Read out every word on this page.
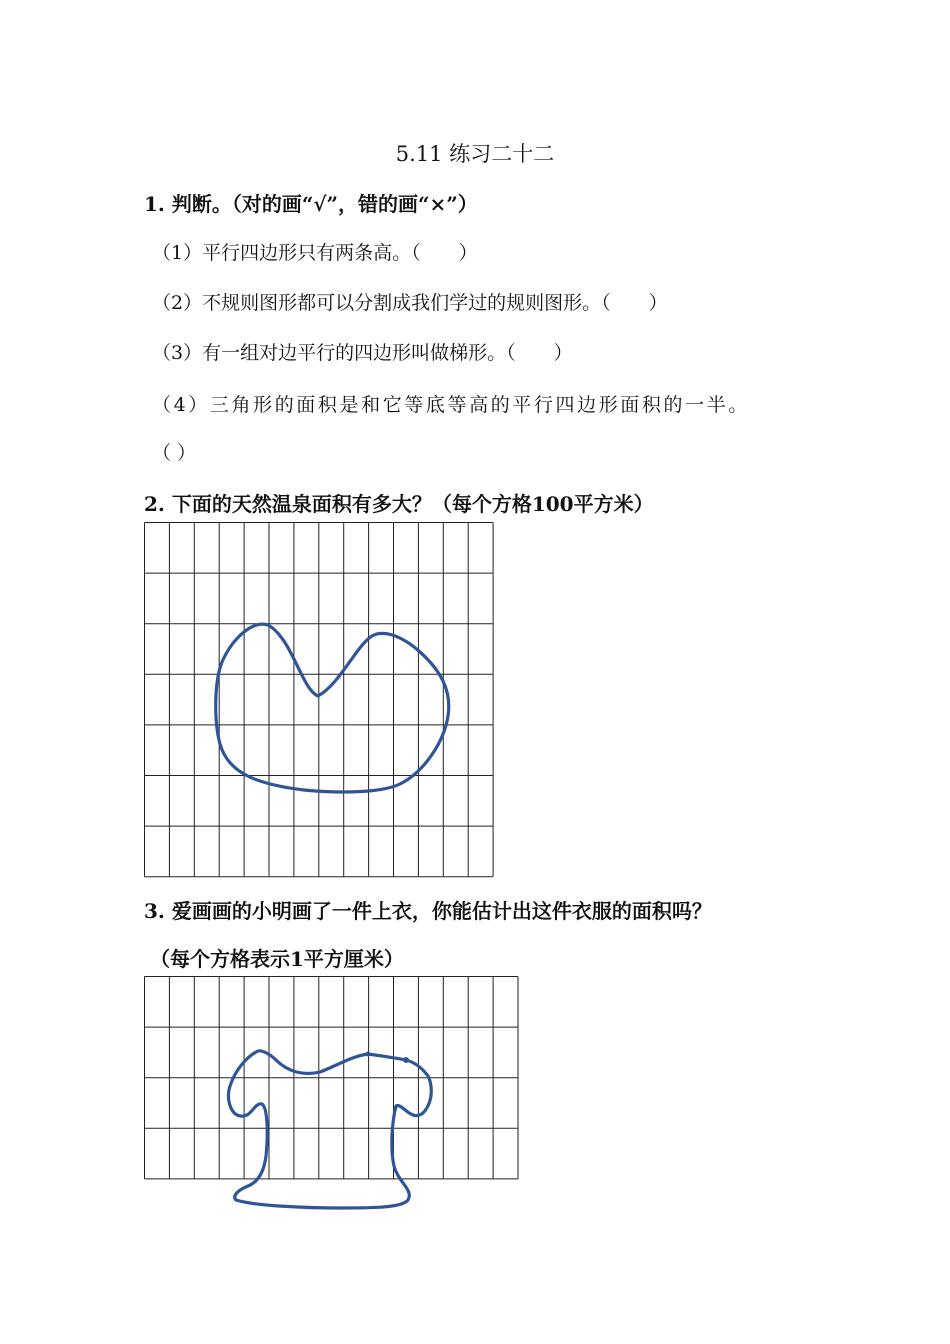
5.11 练习二十二
1. 判断。（对的画“√”，错的画“×”）
（1）平行四边形只有两条高。（　　）
（2）不规则图形都可以分割成我们学过的规则图形。（　　）
（3）有一组对边平行的四边形叫做梯形。（　　）
（4）三角形的面积是和它等底等高的平行四边形面积的一半。
（ ）
2. 下面的天然温泉面积有多大？（每个方格100平方米）
3. 爱画画的小明画了一件上衣，你能估计出这件衣服的面积吗？
（每个方格表示1平方厘米）
